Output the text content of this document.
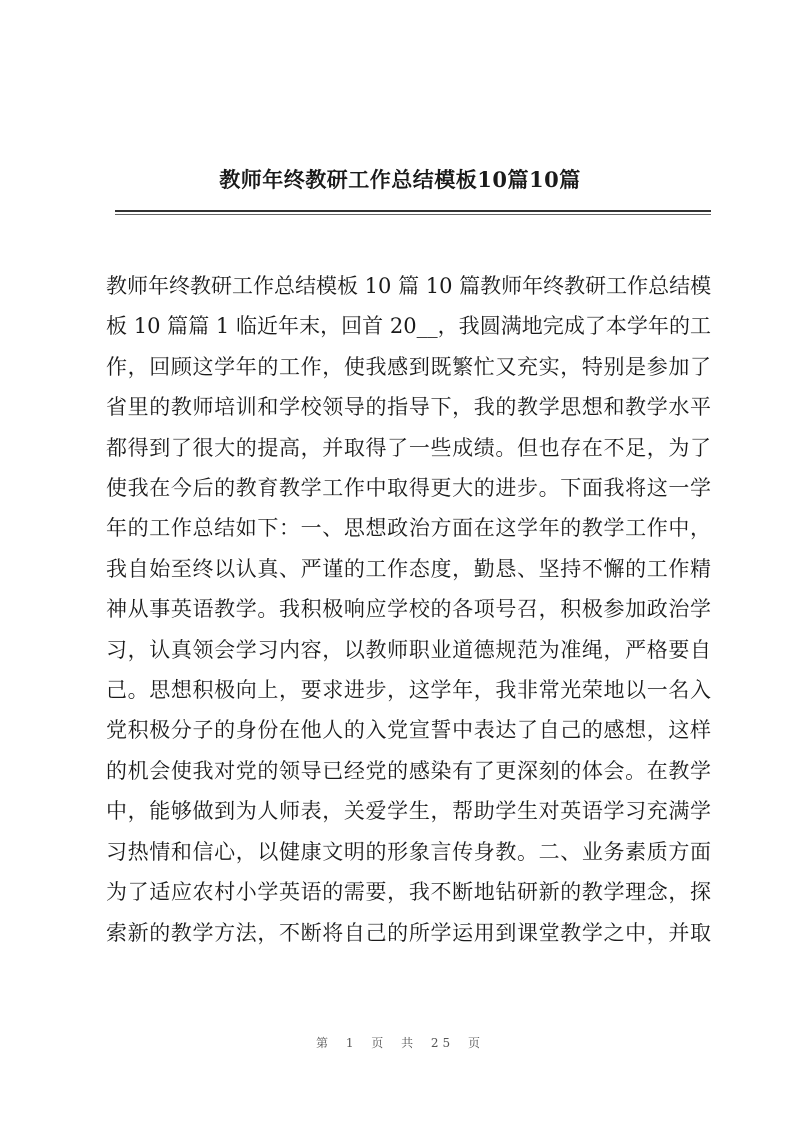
教师年终教研工作总结模板10篇10篇
教师年终教研工作总结模板 10 篇 10 篇教师年终教研工作总结模
板 10 篇篇 1 临近年末，回首 20__，我圆满地完成了本学年的工
作，回顾这学年的工作，使我感到既繁忙又充实，特别是参加了
省里的教师培训和学校领导的指导下，我的教学思想和教学水平
都得到了很大的提高，并取得了一些成绩。但也存在不足，为了
使我在今后的教育教学工作中取得更大的进步。下面我将这一学
年的工作总结如下：一、思想政治方面在这学年的教学工作中，
我自始至终以认真、严谨的工作态度，勤恳、坚持不懈的工作精
神从事英语教学。我积极响应学校的各项号召，积极参加政治学
习，认真领会学习内容，以教师职业道德规范为准绳，严格要自
己。思想积极向上，要求进步，这学年，我非常光荣地以一名入
党积极分子的身份在他人的入党宣誓中表达了自己的感想，这样
的机会使我对党的领导已经党的感染有了更深刻的体会。在教学
中，能够做到为人师表，关爱学生，帮助学生对英语学习充满学
习热情和信心，以健康文明的形象言传身教。二、业务素质方面
为了适应农村小学英语的需要，我不断地钻研新的教学理念，探
索新的教学方法，不断将自己的所学运用到课堂教学之中，并取
第 1 页 共 25 页
